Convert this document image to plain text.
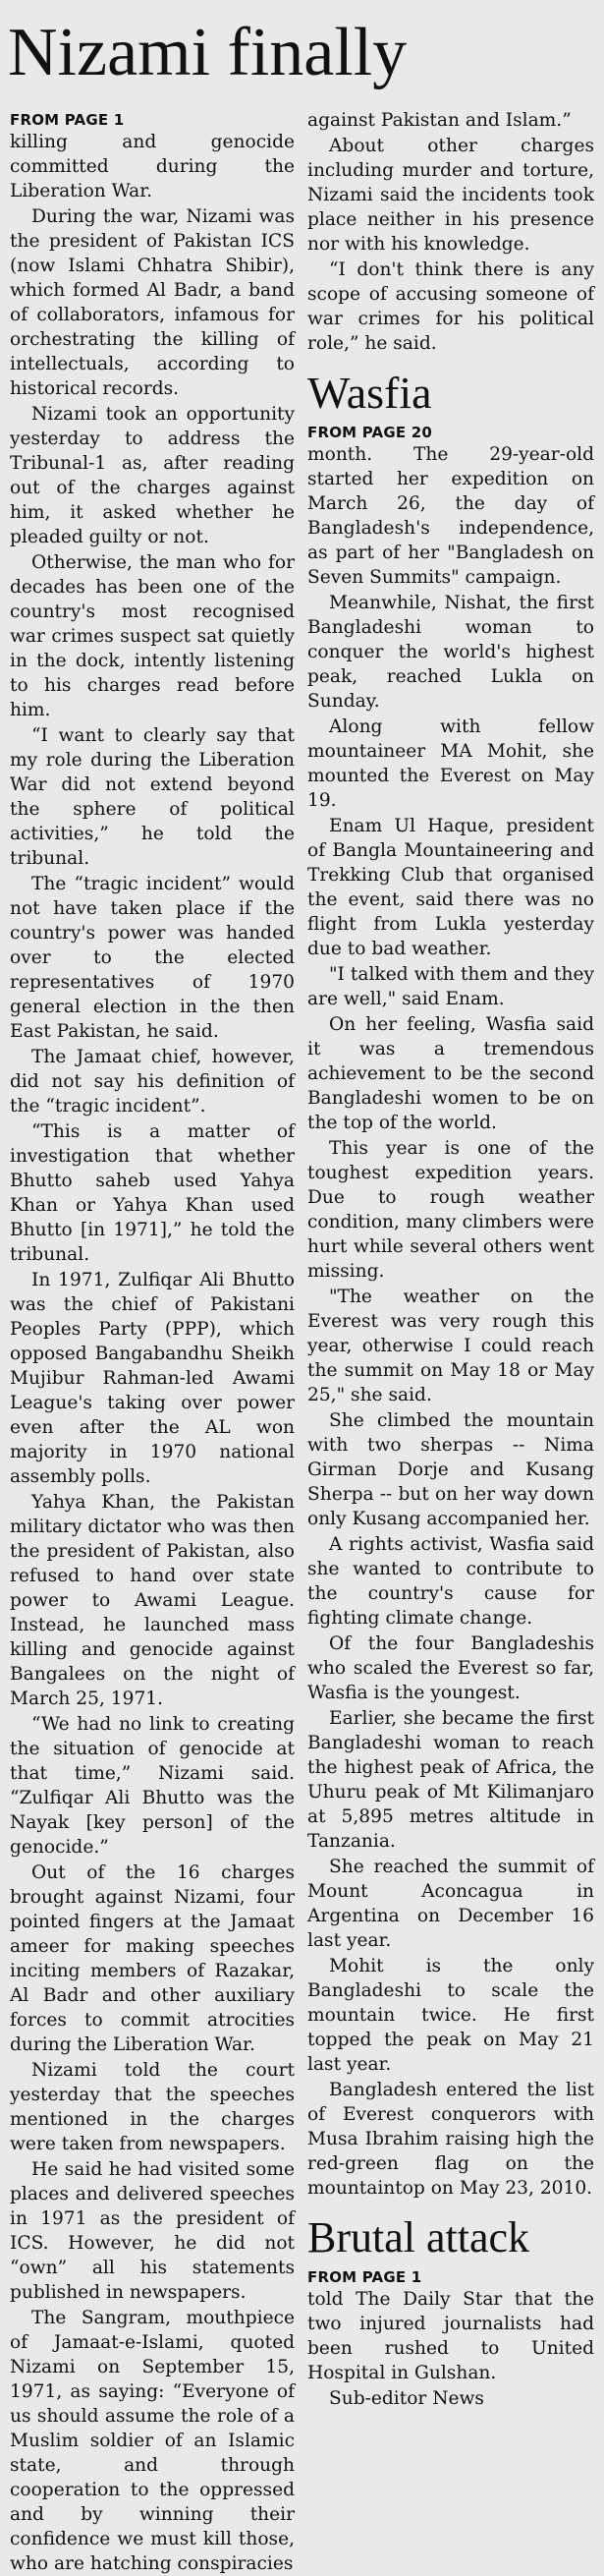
Nizami finally
FROM PAGE 1

killing and genocide committed during the Liberation War.

During the war, Nizami was the president of Pakistan ICS (now Islami Chhatra Shibir), which formed Al Badr, a band of collaborators, infamous for orchestrating the killing of intellectuals, according to historical records.

Nizami took an opportunity yesterday to address the Tribunal-1 as, after reading out of the charges against him, it asked whether he pleaded guilty or not.

Otherwise, the man who for decades has been one of the country's most recognised war crimes suspect sat quietly in the dock, intently listening to his charges read before him.

“I want to clearly say that my role during the Liberation War did not extend beyond the sphere of political activities,” he told the tribunal.

The “tragic incident” would not have taken place if the country's power was handed over to the elected representatives of 1970 general election in the then East Pakistan, he said.

The Jamaat chief, however, did not say his definition of the “tragic incident”.

“This is a matter of investigation that whether Bhutto saheb used Yahya Khan or Yahya Khan used Bhutto [in 1971],” he told the tribunal.

In 1971, Zulfiqar Ali Bhutto was the chief of Pakistani Peoples Party (PPP), which opposed Bangabandhu Sheikh Mujibur Rahman-led Awami League's taking over power even after the AL won majority in 1970 national assembly polls.

Yahya Khan, the Pakistan military dictator who was then the president of Pakistan, also refused to hand over state power to Awami League. Instead, he launched mass killing and genocide against Bangalees on the night of March 25, 1971.

“We had no link to creating the situation of genocide at that time,” Nizami said. “Zulfiqar Ali Bhutto was the Nayak [key person] of the genocide.”

Out of the 16 charges brought against Nizami, four pointed fingers at the Jamaat ameer for making speeches inciting members of Razakar, Al Badr and other auxiliary forces to commit atrocities during the Liberation War.

Nizami told the court yesterday that the speeches mentioned in the charges were taken from newspapers.

He said he had visited some places and delivered speeches in 1971 as the president of ICS. However, he did not “own” all his statements published in newspapers.

The Sangram, mouthpiece of Jamaat-e-Islami, quoted Nizami on September 15, 1971, as saying: “Everyone of us should assume the role of a Muslim soldier of an Islamic state, and through cooperation to the oppressed and by winning their confidence we must kill those, who are hatching conspiracies

against Pakistan and Islam.”

About other charges including murder and torture, Nizami said the incidents took place neither in his presence nor with his knowledge.

“I don't think there is any scope of accusing someone of war crimes for his political role,” he said.

Wasfia
FROM PAGE 20

month. The 29-year-old started her expedition on March 26, the day of Bangladesh's independence, as part of her "Bangladesh on Seven Summits" campaign.

Meanwhile, Nishat, the first Bangladeshi woman to conquer the world's highest peak, reached Lukla on Sunday.

Along with fellow mountaineer MA Mohit, she mounted the Everest on May 19.

Enam Ul Haque, president of Bangla Mountaineering and Trekking Club that organised the event, said there was no flight from Lukla yesterday due to bad weather.

"I talked with them and they are well," said Enam.

On her feeling, Wasfia said it was a tremendous achievement to be the second Bangladeshi women to be on the top of the world.

This year is one of the toughest expedition years. Due to rough weather condition, many climbers were hurt while several others went missing.

"The weather on the Everest was very rough this year, otherwise I could reach the summit on May 18 or May 25," she said.

She climbed the mountain with two sherpas -- Nima Girman Dorje and Kusang Sherpa -- but on her way down only Kusang accompanied her.

A rights activist, Wasfia said she wanted to contribute to the country's cause for fighting climate change.

Of the four Bangladeshis who scaled the Everest so far, Wasfia is the youngest.

Earlier, she became the first Bangladeshi woman to reach the highest peak of Africa, the Uhuru peak of Mt Kilimanjaro at 5,895 metres altitude in Tanzania.

She reached the summit of Mount Aconcagua in Argentina on December 16 last year.

Mohit is the only Bangladeshi to scale the mountain twice. He first topped the peak on May 21 last year.

Bangladesh entered the list of Everest conquerors with Musa Ibrahim raising high the red-green flag on the mountaintop on May 23, 2010.

Brutal attack
FROM PAGE 1

told The Daily Star that the two injured journalists had been rushed to United Hospital in Gulshan.

Sub-editor News
